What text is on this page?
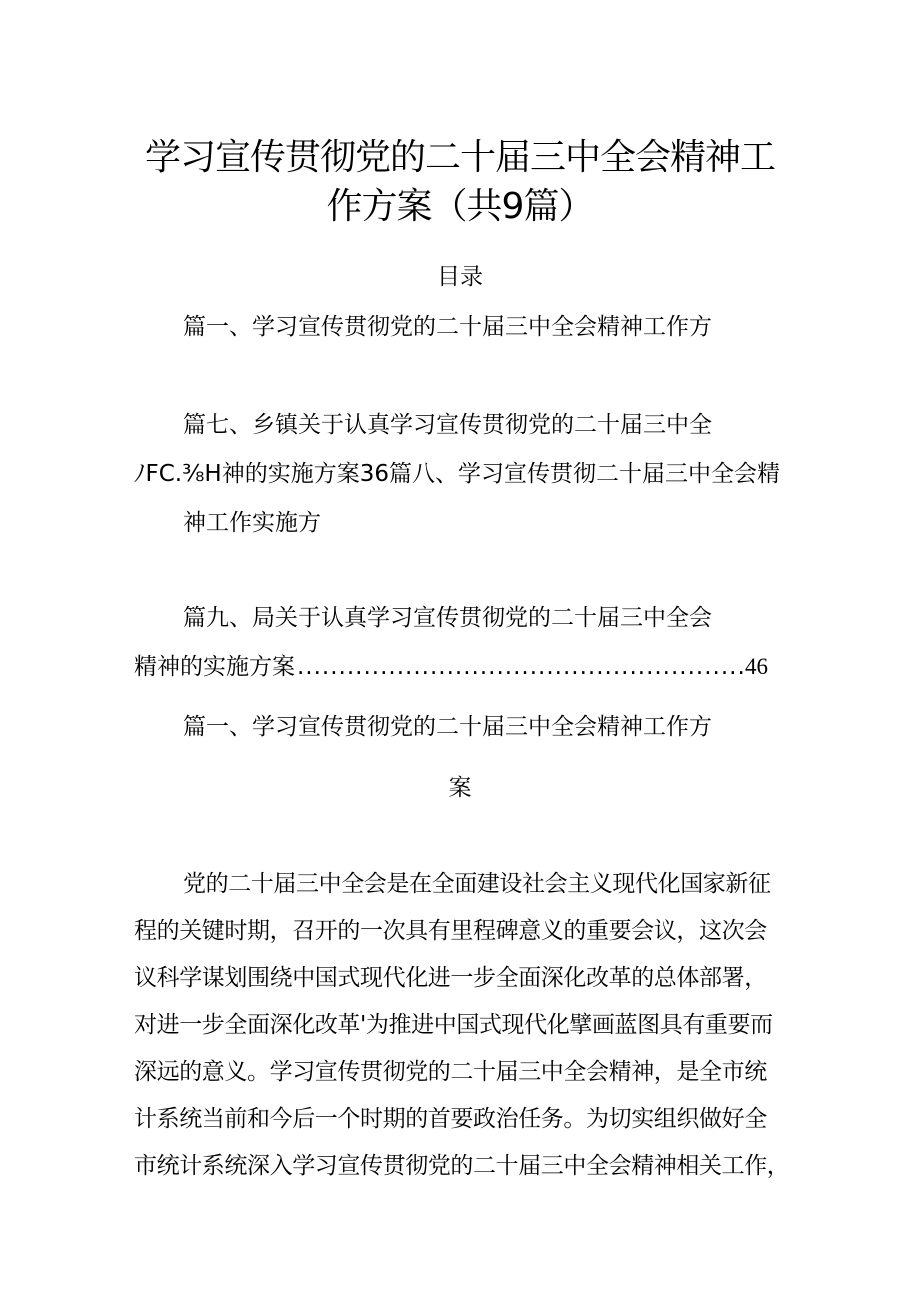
学习宣传贯彻党的二十届三中全会精神工
作方案（共9篇）
目录
篇一、学习宣传贯彻党的二十届三中全会精神工作方
篇七、乡镇关于认真学习宣传贯彻党的二十届三中全
ﾉFC.⅜H神的实施方案36篇八、学习宣传贯彻二十届三中全会精
神工作实施方
篇九、局关于认真学习宣传贯彻党的二十届三中全会
精神的实施方案
.....	46
篇一、学习宣传贯彻党的二十届三中全会精神工作方
案
党的二十届三中全会是在全面建设社会主义现代化国家新征
程的关键时期，召开的一次具有里程碑意义的重要会议，这次会
议科学谋划围绕中国式现代化进一步全面深化改革的总体部署，
对进一步全面深化改革'为推进中国式现代化擘画蓝图具有重要而
深远的意义。学习宣传贯彻党的二十届三中全会精神，是全市统
计系统当前和今后一个时期的首要政治任务。为切实组织做好全
市统计系统深入学习宣传贯彻党的二十届三中全会精神相关工作，
